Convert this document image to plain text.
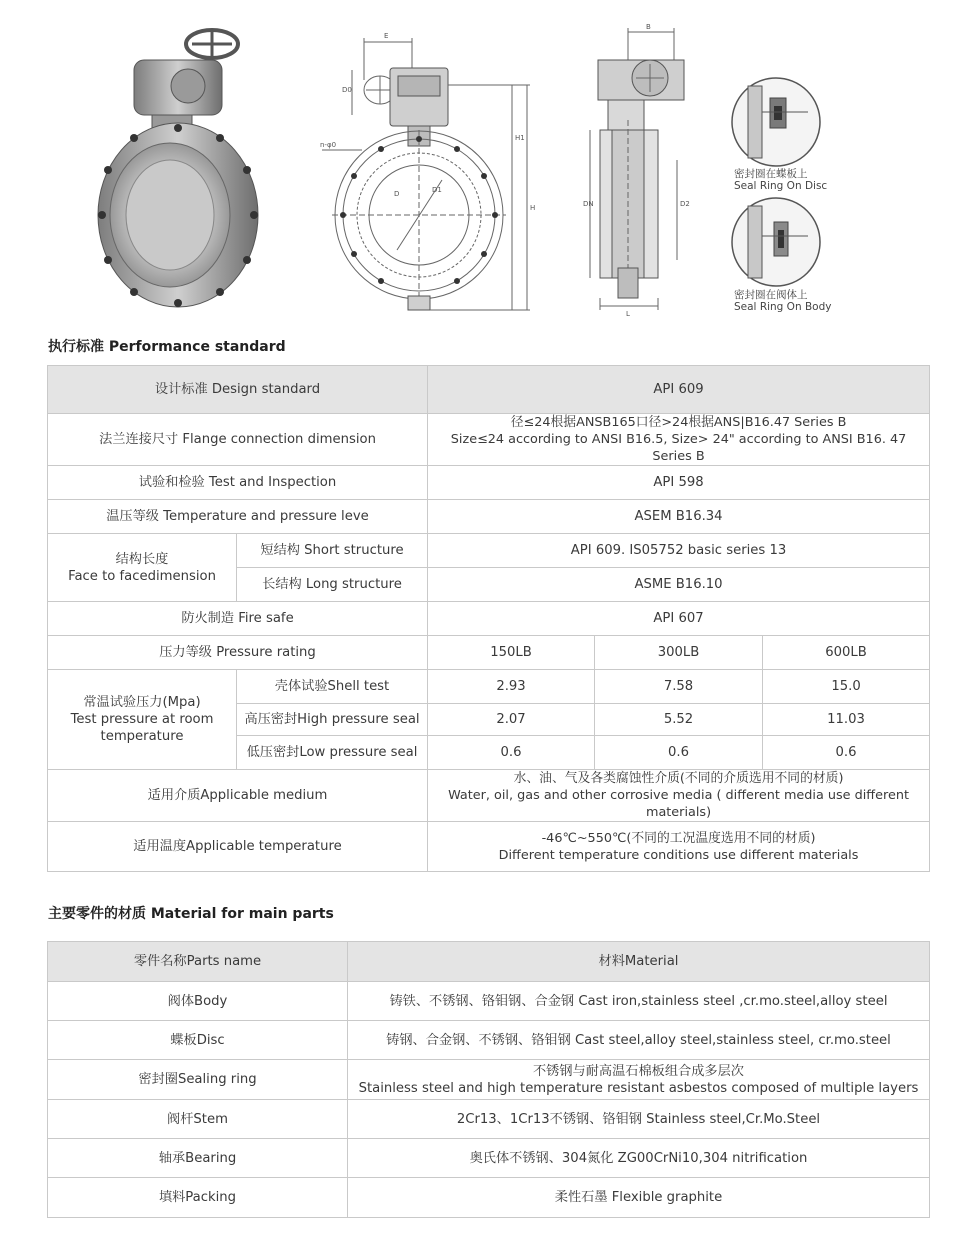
E
D0
H1
H
n-φ0
D	D1
B
DN	D2
L
密封圈在蝶板上
Seal Ring On Disc
密封圈在阀体上
Seal Ring On Body
执行标准 Performance standard
设计标准 Design standard		API 609		
法兰连接尺寸 Flange connection dimension		径≤24根据ANSB165口径>24根据ANS|B16.47 Series B
Size≤24 according to ANSI B16.5, Size> 24" according to ANSI B16. 47 Series B		

试验和检验 Test and Inspection		API 598		
温压等级 Temperature and pressure leve		ASEM B16.34		

结构长度
Face to facedimension	短结构 Short structure	API 609. IS05752 basic series 13		
	长结构 Long structure	ASME B16.10		
防火制造 Fire safe		API 607		
压力等级 Pressure rating		150LB	300LB	600LB

常温试验压力(Mpa)
Test pressure at room
temperature	壳体试验Shell test	2.93	7.58	15.0
	高压密封High pressure seal	2.07	5.52	11.03
	低压密封Low pressure seal	0.6	0.6	0.6
适用介质Applicable medium		水、油、气及各类腐蚀性介质(不同的介质选用不同的材质)
Water, oil, gas and other corrosive media ( different media use different materials)		

适用温度Applicable temperature		-46℃~550℃(不同的工况温度选用不同的材质)
Different temperature conditions use different materials		
主要零件的材质 Material for main parts
零件名称Parts name	材料Material
阀体Body	铸铁、不锈钢、铬钼钢、合金钢 Cast iron,stainless steel ,cr.mo.steel,alloy steel
蝶板Disc	铸钢、合金钢、不锈钢、铬钼钢 Cast steel,alloy steel,stainless steel, cr.mo.steel
密封圈Sealing ring	不锈钢与耐高温石棉板组合成多层次
Stainless steel and high temperature resistant asbestos composed of multiple layers

阀杆Stem	2Cr13、1Cr13不锈钢、铬钼钢 Stainless steel,Cr.Mo.Steel
轴承Bearing	奥氏体不锈钢、304氮化 ZG00CrNi10,304 nitrification
填料Packing	柔性石墨 Flexible graphite
